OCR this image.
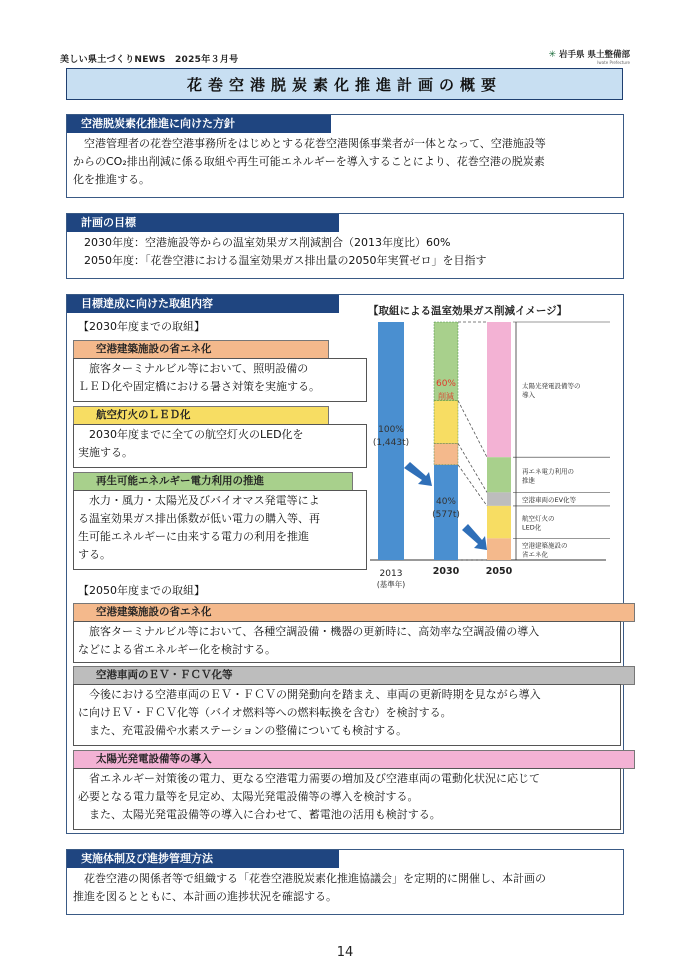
美しい県土づくりNEWS　2025年３月号	✳ 岩手県 県土整備部
Iwate Prefecture
花巻空港脱炭素化推進計画の概要
空港脱炭素化推進に向けた方針
　空港管理者の花巻空港事務所をはじめとする花巻空港関係事業者が一体となって、空港施設等
からのCO₂排出削減に係る取組や再生可能エネルギーを導入することにより、花巻空港の脱炭素
化を推進する。
計画の目標
　2030年度：空港施設等からの温室効果ガス削減割合（2013年度比）60%
　2050年度：「花巻空港における温室効果ガス排出量の2050年実質ゼロ」を目指す
目標達成に向けた取組内容
【2030年度までの取組】
空港建築施設の省エネ化
　旅客ターミナルビル等において、照明設備の
ＬＥＤ化や固定橋における暑さ対策を実施する。
航空灯火のＬＥＤ化
　2030年度までに全ての航空灯火のLED化を
実施する。
再生可能エネルギー電力利用の推進
　水力・風力・太陽光及びバイオマス発電等によ
る温室効果ガス排出係数が低い電力の購入等、再
生可能エネルギーに由来する電力の利用を推進
する。
【取組による温室効果ガス削減イメージ】
100%
(1,443t)
60%
削減
40%
(577t)
2013
(基準年)
2030	2050
太陽光発電設備等の
導入
再エネ電力利用の
推進
空港車両のEV化等
航空灯火の
LED化
空港建築施設の
省エネ化
【2050年度までの取組】
空港建築施設の省エネ化
　旅客ターミナルビル等において、各種空調設備・機器の更新時に、高効率な空調設備の導入
などによる省エネルギー化を検討する。
空港車両のＥＶ・ＦＣＶ化等
　今後における空港車両のＥＶ・ＦＣＶの開発動向を踏まえ、車両の更新時期を見ながら導入
に向けＥＶ・ＦＣＶ化等（バイオ燃料等への燃料転換を含む）を検討する。
　また、充電設備や水素ステーションの整備についても検討する。
太陽光発電設備等の導入
　省エネルギー対策後の電力、更なる空港電力需要の増加及び空港車両の電動化状況に応じて
必要となる電力量等を見定め、太陽光発電設備等の導入を検討する。
　また、太陽光発電設備等の導入に合わせて、蓄電池の活用も検討する。
実施体制及び進捗管理方法
　花巻空港の関係者等で組織する「花巻空港脱炭素化推進協議会」を定期的に開催し、本計画の
推進を図るとともに、本計画の進捗状況を確認する。
14
